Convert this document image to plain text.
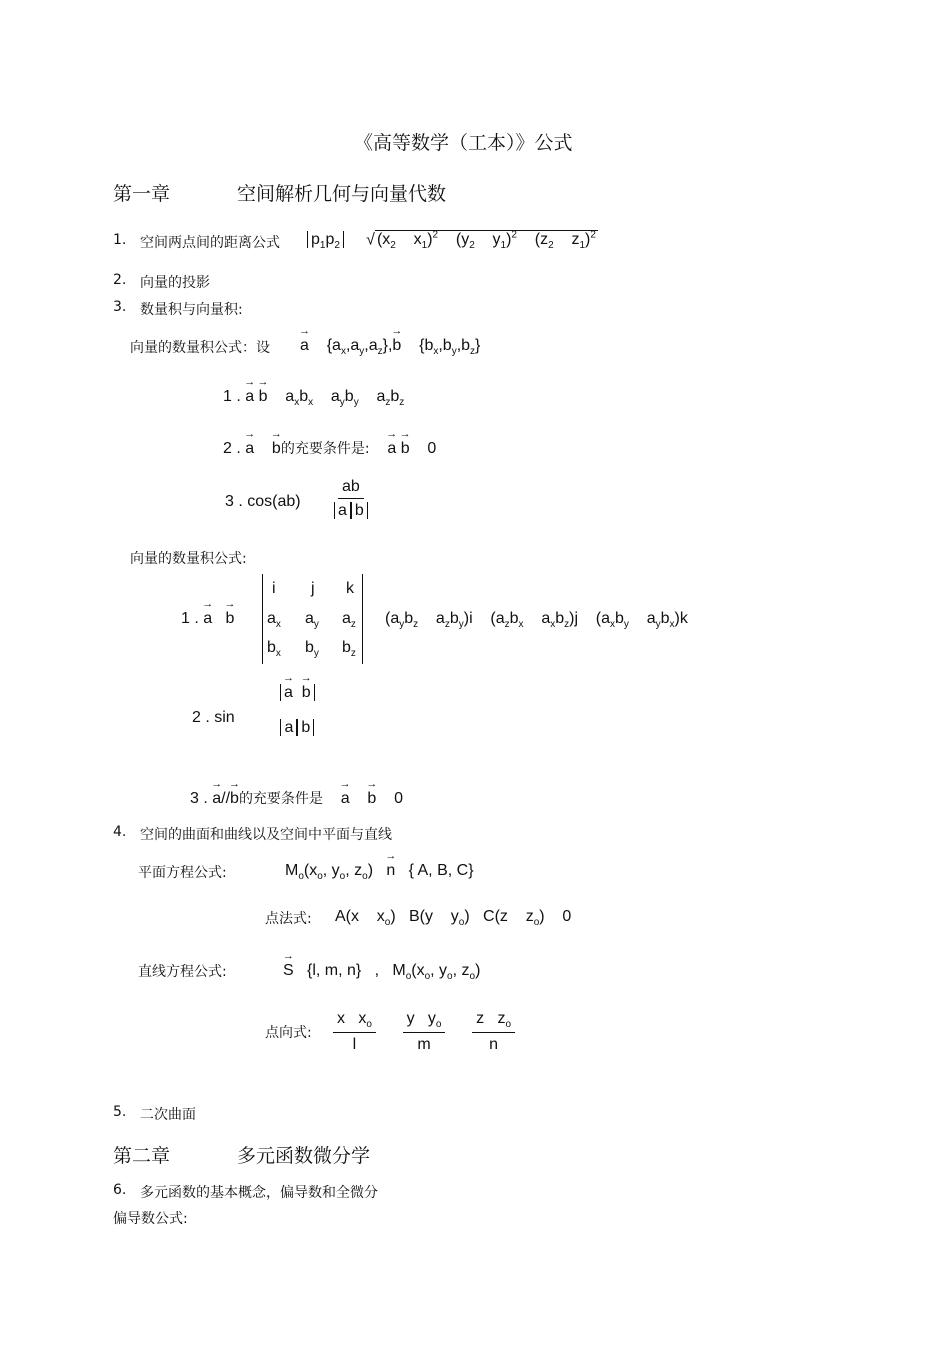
《高等数学（工本）》公式
第一章	空间解析几何与向量代数
1. 空间两点间的距离公式 $p_1p_2$     √ ($x_2$    $x_1)^2$    ($y_2$    $y_1)^2$    ($z_2$    $z_1)^2$
2. 向量的投影
3. 数量积与向量积:
向量的数量积公式：设 → a    $\{a_x,a_y,a_z\},\to b$    $\{b_x,b_y,b_z\}$
1 . → a → b    $a_xb_x$    $a_yb_y$    $a_zb_z$
2 . → a → b的充要条件是: → a → b    0
3 . $\cos(ab) \frac{ab}{\text{a b}}$
向量的数量积公式:
1 . → a → b
i j k
$a_x$ $a_y$ $a_z$
$b_x$ $b_y$ $b_z$
($a_yb_z$    $a_zb_y)i$    ($a_zb_x$    $a_xb_z)j$    ($a_xb_y$    $a_yb_x)k$
2 . sin
→ a → b
a b
3 . → a//→ b的充要条件是 → a → b    0
4. 空间的曲面和曲线以及空间中平面与直线
平面方程公式:	$M_o(x_o$, $y_o$, $z_o) \to n$   { A, B, C}
点法式: A(x    $x_o$)   B(y    $y_o$)   C(z    $z_o$)    0
直线方程公式:	→ S   {l, m, n}   ,   $M_o(x_o$, $y_o$, $z_o$)
点向式: $\frac{x x_o}{l}$
$\frac{y y_o}{m}$
$\frac{z z_o}{n}$
5. 二次曲面
第二章	多元函数微分学
6. 多元函数的基本概念，偏导数和全微分
偏导数公式:
